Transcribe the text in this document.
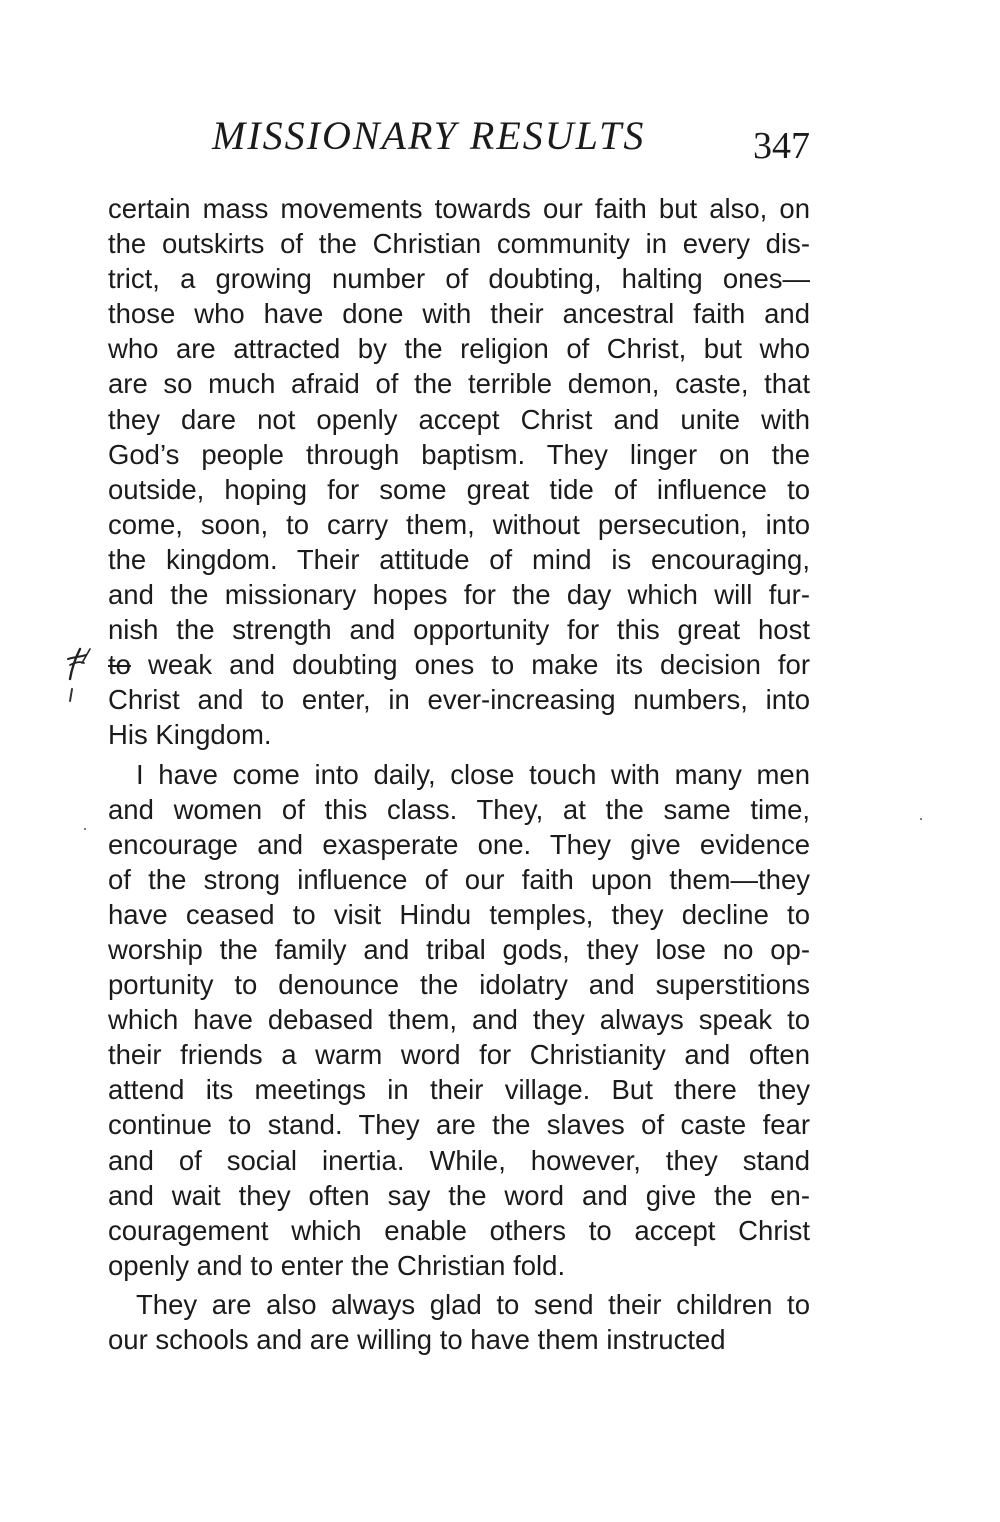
MISSIONARY RESULTS	347
certain mass movements towards our faith but also, on
the outskirts of the Christian community in every dis-
trict, a growing number of doubting, halting ones—
those who have done with their ancestral faith and
who are attracted by the religion of Christ, but who
are so much afraid of the terrible demon, caste, that
they dare not openly accept Christ and unite with
God’s people through baptism. They linger on the
outside, hoping for some great tide of influence to
come, soon, to carry them, without persecution, into
the kingdom. Their attitude of mind is encouraging,
and the missionary hopes for the day which will fur-
nish the strength and opportunity for this great host
to weak and doubting ones to make its decision for
Christ and to enter, in ever-increasing numbers, into
His Kingdom.
I have come into daily, close touch with many men
and women of this class. They, at the same time,
encourage and exasperate one. They give evidence
of the strong influence of our faith upon them—they
have ceased to visit Hindu temples, they decline to
worship the family and tribal gods, they lose no op-
portunity to denounce the idolatry and superstitions
which have debased them, and they always speak to
their friends a warm word for Christianity and often
attend its meetings in their village. But there they
continue to stand. They are the slaves of caste fear
and of social inertia. While, however, they stand
and wait they often say the word and give the en-
couragement which enable others to accept Christ
openly and to enter the Christian fold.
They are also always glad to send their children to
our schools and are willing to have them instructed
